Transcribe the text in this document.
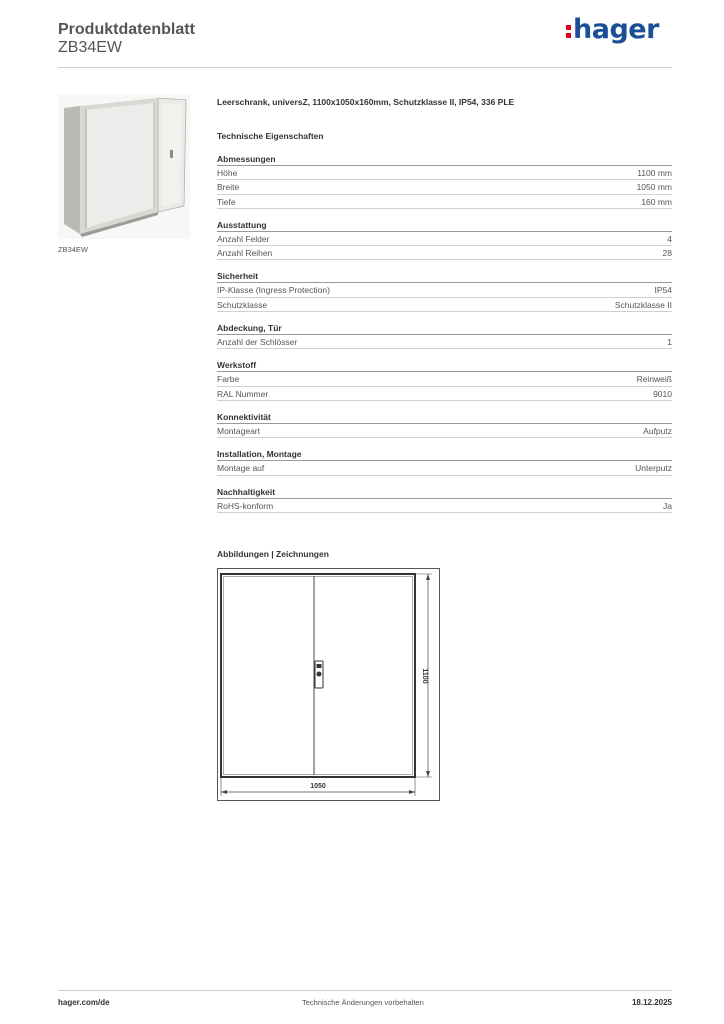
Produktdatenblatt
ZB34EW
hager
ZB34EW
Leerschrank, universZ, 1100x1050x160mm, Schutzklasse II, IP54, 336 PLE
Technische Eigenschaften
Abmessungen
Höhe	1100 mm
Breite	1050 mm
Tiefe	160 mm
Ausstattung
Anzahl Felder	4
Anzahl Reihen	28
Sicherheit
IP-Klasse (Ingress Protection)	IP54
Schutzklasse	Schutzklasse II
Abdeckung, Tür
Anzahl der Schlösser	1
Werkstoff
Farbe	Reinweiß
RAL Nummer	9010
Konnektivität
Montageart	Aufputz
Installation, Montage
Montage auf	Unterputz
Nachhaltigkeit
RoHS-konform	Ja
Abbildungen | Zeichnungen
1100
1050
hager.com/de	Technische Änderungen vorbehalten	18.12.2025
